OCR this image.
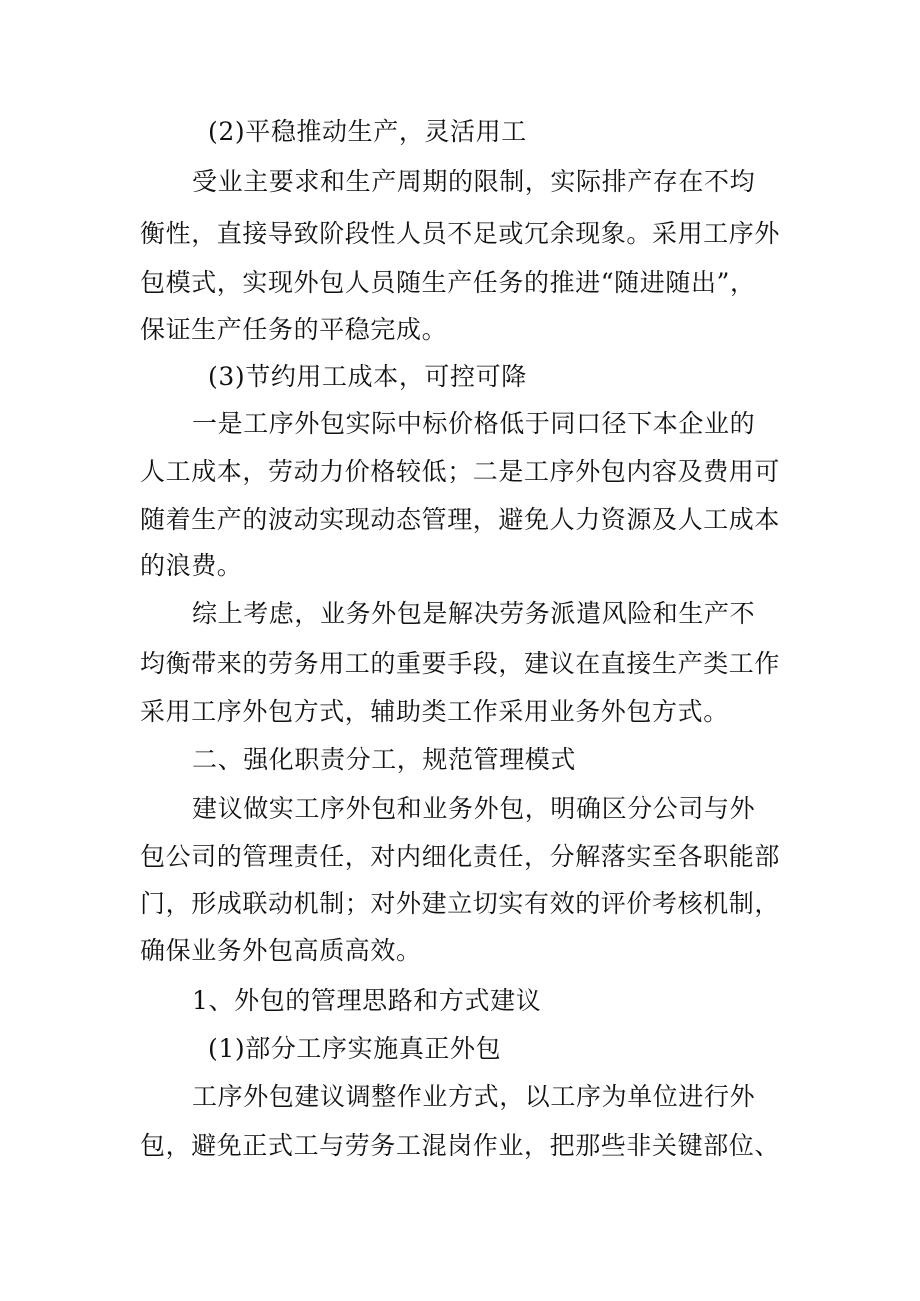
(2)平稳推动生产，灵活用工
受业主要求和生产周期的限制，实际排产存在不均
衡性，直接导致阶段性人员不足或冗余现象。采用工序外
包模式，实现外包人员随生产任务的推进“随进随出”，
保证生产任务的平稳完成。
(3)节约用工成本，可控可降
一是工序外包实际中标价格低于同口径下本企业的
人工成本，劳动力价格较低；二是工序外包内容及费用可
随着生产的波动实现动态管理，避免人力资源及人工成本
的浪费。
综上考虑，业务外包是解决劳务派遣风险和生产不
均衡带来的劳务用工的重要手段，建议在直接生产类工作
采用工序外包方式，辅助类工作采用业务外包方式。
二、强化职责分工，规范管理模式
建议做实工序外包和业务外包，明确区分公司与外
包公司的管理责任，对内细化责任，分解落实至各职能部
门，形成联动机制；对外建立切实有效的评价考核机制，
确保业务外包高质高效。
1、外包的管理思路和方式建议
(1)部分工序实施真正外包
工序外包建议调整作业方式，以工序为单位进行外
包，避免正式工与劳务工混岗作业，把那些非关键部位、
